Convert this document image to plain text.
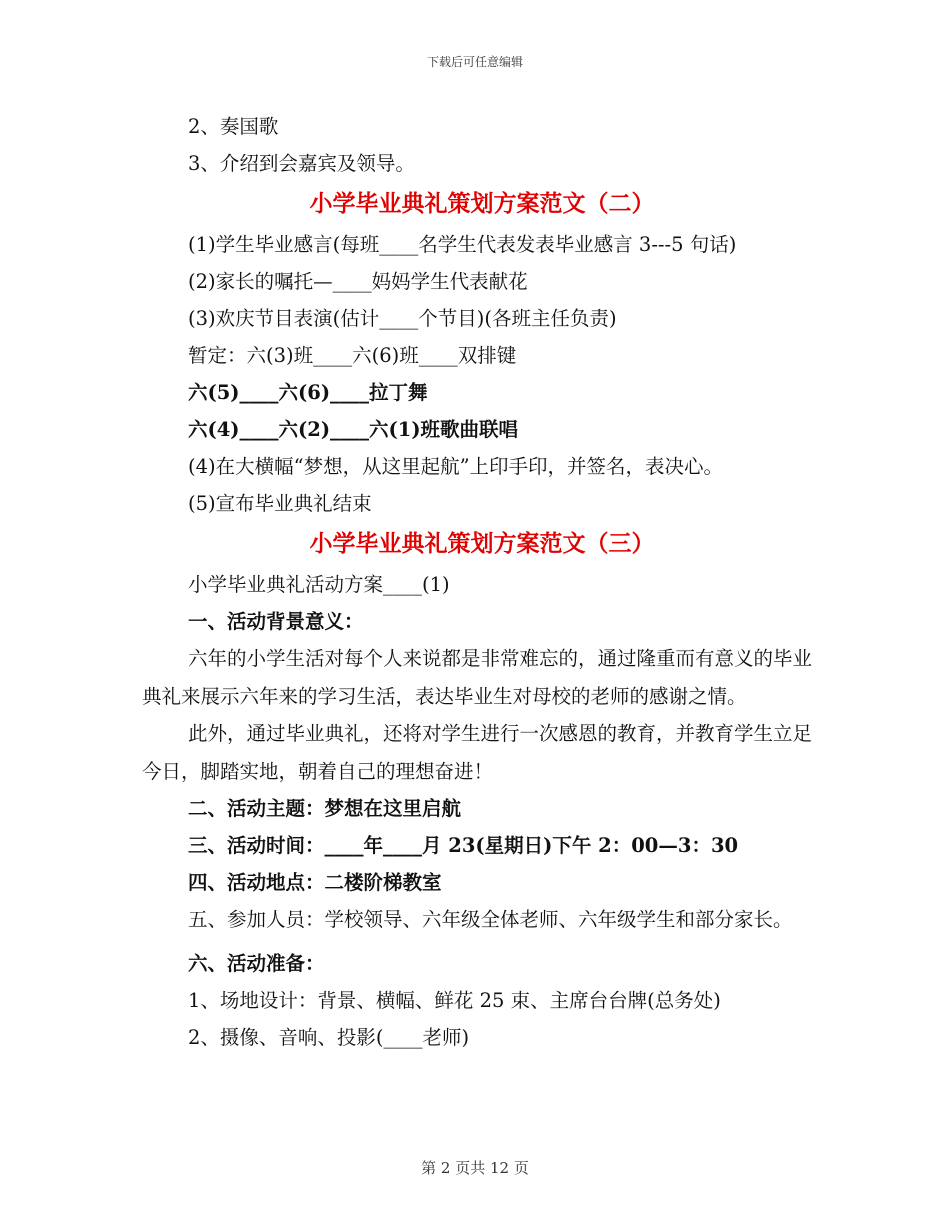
下载后可任意编辑
2、奏国歌
3、介绍到会嘉宾及领导。
小学毕业典礼策划方案范文（二）
(1)学生毕业感言(每班____名学生代表发表毕业感言 3---5 句话)
(2)家长的嘱托—____妈妈学生代表献花
(3)欢庆节目表演(估计____个节目)(各班主任负责)
暂定：六(3)班____六(6)班____双排键
六(5)____六(6)____拉丁舞
六(4)____六(2)____六(1)班歌曲联唱
(4)在大横幅“梦想，从这里起航”上印手印，并签名，表决心。
(5)宣布毕业典礼结束
小学毕业典礼策划方案范文（三）
小学毕业典礼活动方案____(1)
一、活动背景意义：

六年的小学生活对每个人来说都是非常难忘的，通过隆重而有意义的毕业典礼来展示六年来的学习生活，表达毕业生对母校的老师的感谢之情。

此外，通过毕业典礼，还将对学生进行一次感恩的教育，并教育学生立足今日，脚踏实地，朝着自己的理想奋进！

二、活动主题：梦想在这里启航
三、活动时间：____年____月 23(星期日)下午 2：00—3：30
四、活动地点：二楼阶梯教室

五、参加人员：学校领导、六年级全体老师、六年级学生和部分家长。

六、活动准备：
1、场地设计：背景、横幅、鲜花 25 束、主席台台牌(总务处)
2、摄像、音响、投影(____老师)
第 2 页共 12 页
